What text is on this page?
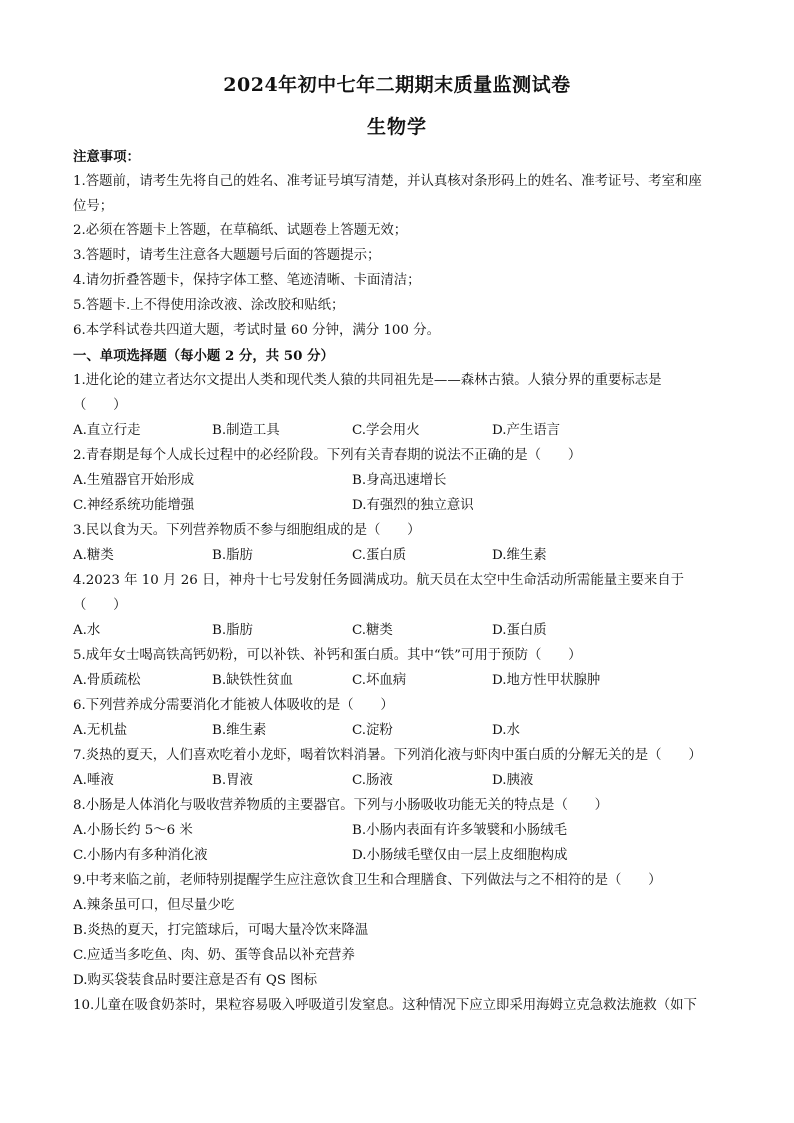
2024年初中七年二期期末质量监测试卷
生物学
注意事项：
1.答题前，请考生先将自己的姓名、准考证号填写清楚，并认真核对条形码上的姓名、准考证号、考室和座
位号；
2.必须在答题卡上答题，在草稿纸、试题卷上答题无效；
3.答题时，请考生注意各大题题号后面的答题提示；
4.请勿折叠答题卡，保持字体工整、笔迹清晰、卡面清洁；
5.答题卡.上不得使用涂改液、涂改胶和贴纸；
6.本学科试卷共四道大题，考试时量 60 分钟，满分 100 分。
一、单项选择题（每小题 2 分，共 50 分）
1.进化论的建立者达尔文提出人类和现代类人猿的共同祖先是——森林古猿。人猿分界的重要标志是
（　　）
A.直立行走	B.制造工具	C.学会用火	D.产生语言
2.青春期是每个人成长过程中的必经阶段。下列有关青春期的说法不正确的是（　　）
A.生殖器官开始形成	B.身高迅速增长
C.神经系统功能增强	D.有强烈的独立意识
3.民以食为天。下列营养物质不参与细胞组成的是（　　）
A.糖类	B.脂肪	C.蛋白质	D.维生素
4.2023 年 10 月 26 日，神舟十七号发射任务圆满成功。航天员在太空中生命活动所需能量主要来自于
（　　）
A.水	B.脂肪	C.糖类	D.蛋白质
5.成年女士喝高铁高钙奶粉，可以补铁、补钙和蛋白质。其中“铁”可用于预防（　　）
A.骨质疏松	B.缺铁性贫血	C.坏血病	D.地方性甲状腺肿
6.下列营养成分需要消化才能被人体吸收的是（　　）
A.无机盐	B.维生素	C.淀粉	D.水
7.炎热的夏天，人们喜欢吃着小龙虾，喝着饮料消暑。下列消化液与虾肉中蛋白质的分解无关的是（　　）
A.唾液	B.胃液	C.肠液	D.胰液
8.小肠是人体消化与吸收营养物质的主要器官。下列与小肠吸收功能无关的特点是（　　）
A.小肠长约 5～6 米	B.小肠内表面有许多皱襞和小肠绒毛
C.小肠内有多种消化液	D.小肠绒毛壁仅由一层上皮细胞构成
9.中考来临之前，老师特别提醒学生应注意饮食卫生和合理膳食、下列做法与之不相符的是（　　）
A.辣条虽可口，但尽量少吃
B.炎热的夏天，打完篮球后，可喝大量冷饮来降温
C.应适当多吃鱼、肉、奶、蛋等食品以补充营养
D.购买袋装食品时要注意是否有 QS 图标
10.儿童在吸食奶茶时，果粒容易吸入呼吸道引发窒息。这种情况下应立即采用海姆立克急救法施救（如下
